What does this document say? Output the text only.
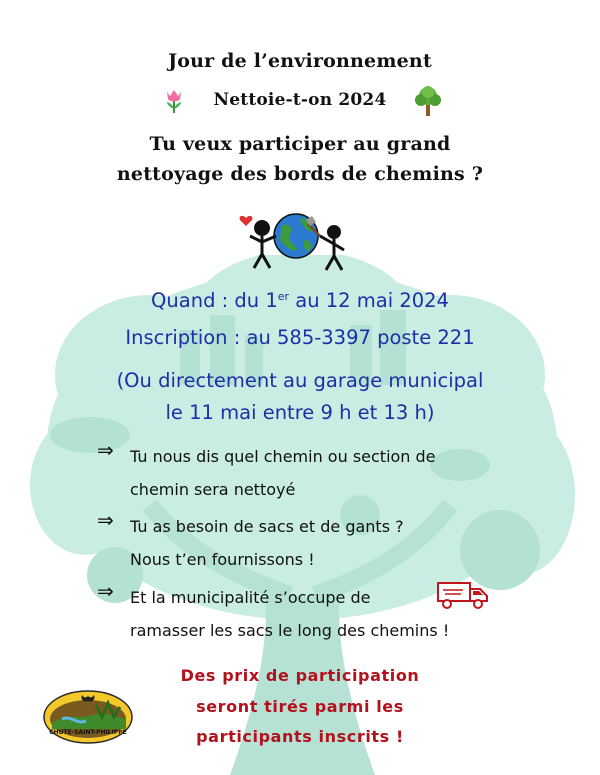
Jour de l’environnement
Nettoie-t-on 2024
Tu veux participer au grand
nettoyage des bords de chemins ?
Quand : du 1er au 12 mai 2024
Inscription : au 585-3397 poste 221
(Ou directement au garage municipal
le 11 mai entre 9 h et 13 h)
⇒ Tu nous dis quel chemin ou section de
chemin sera nettoyé
⇒ Tu as besoin de sacs et de gants ?
Nous t’en fournissons !
⇒ Et la municipalité s’occupe de
ramasser les sacs le long des chemins !
Des prix de participation
seront tirés parmi les
participants inscrits !
CHUTE-SAINT-PHILIPPE
